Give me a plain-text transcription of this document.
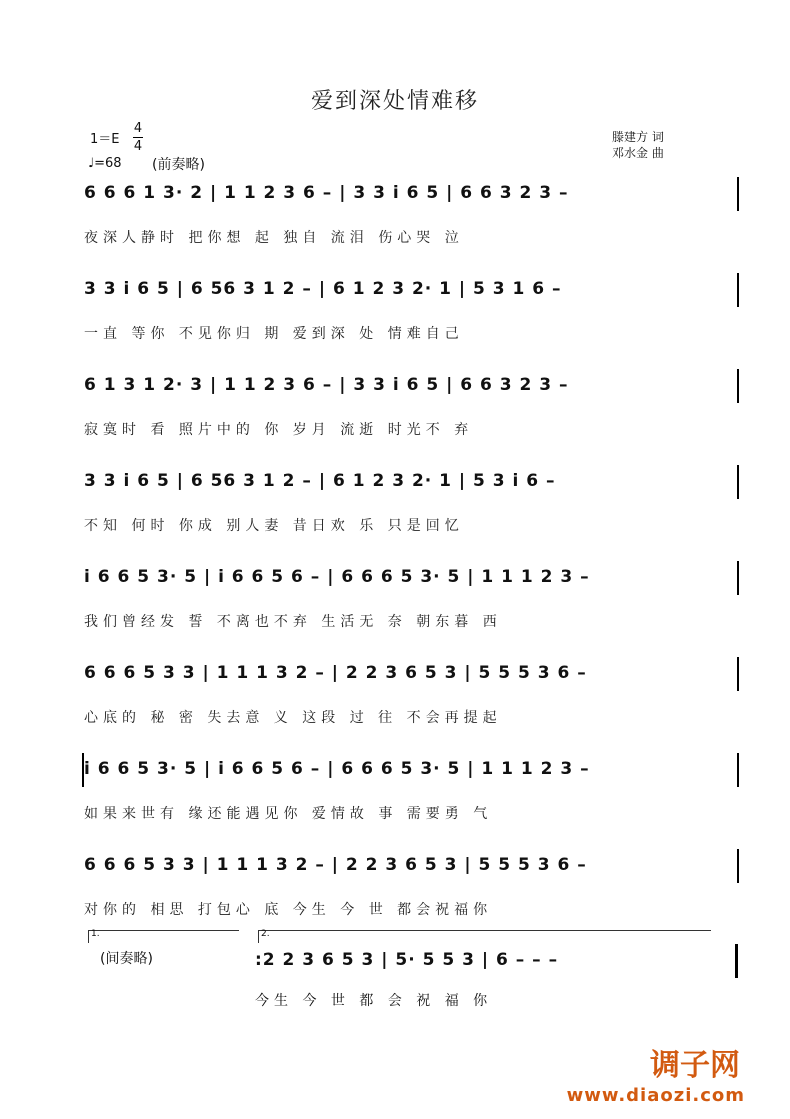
爱到深处情难移
1＝E
4
4
♩=68 (前奏略)
滕建方 词
邓水金 曲
6 6 6 1 3· 2 | 1 1 2 3 6 – | 3 3 i 6 5 | 6 6 3 2 3 –
夜深人静时 把你想 起 独自 流泪 伤心哭 泣
3 3 i 6 5 | 6 56 3 1 2 – | 6 1 2 3 2· 1 | 5 3 1 6 –
一直 等你 不见你归 期 爱到深 处 情难自己
6 1 3 1 2· 3 | 1 1 2 3 6 – | 3 3 i 6 5 | 6 6 3 2 3 –
寂寞时 看 照片中的 你 岁月 流逝 时光不 弃
3 3 i 6 5 | 6 56 3 1 2 – | 6 1 2 3 2· 1 | 5 3 i 6 –
不知 何时 你成 别人妻 昔日欢 乐 只是回忆
i 6 6 5 3· 5 | i 6 6 5 6 – | 6 6 6 5 3· 5 | 1 1 1 2 3 –
我们曾经发 誓 不离也不弃 生活无 奈 朝东暮 西
6 6 6 5 3 3 | 1 1 1 3 2 – | 2 2 3 6 5 3 | 5 5 5 3 6 –
心底的 秘 密 失去意 义 这段 过 往 不会再提起
i 6 6 5 3· 5 | i 6 6 5 6 – | 6 6 6 5 3· 5 | 1 1 1 2 3 –
如果来世有 缘还能遇见你 爱情故 事 需要勇 气
6 6 6 5 3 3 | 1 1 1 3 2 – | 2 2 3 6 5 3 | 5 5 5 3 6 –
对你的 相思 打包心 底 今生 今 世 都会祝福你
1.	2.
(间奏略)	:2 2 3 6 5 3 | 5· 5 5 3 | 6 – – –
今生 今 世 都 会 祝 福 你
调子网
www.diaozi.com
